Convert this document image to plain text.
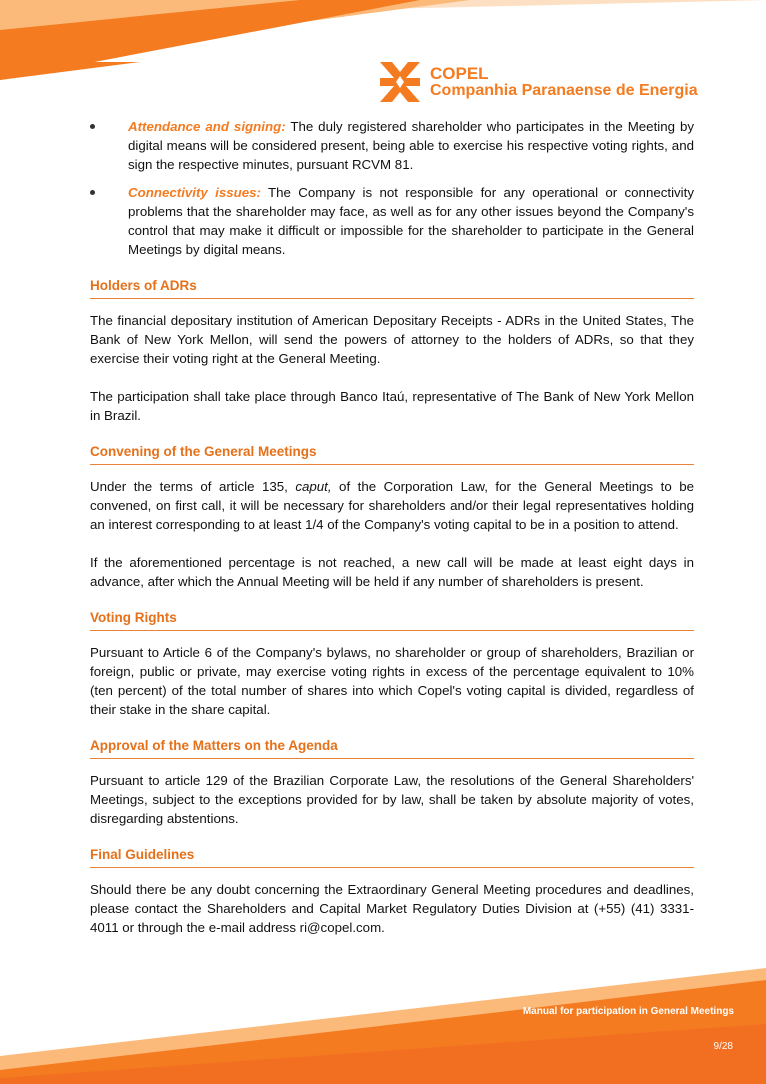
COPEL
Companhia Paranaense de Energia
Attendance and signing: The duly registered shareholder who participates in the Meeting by digital means will be considered present, being able to exercise his respective voting rights, and sign the respective minutes, pursuant RCVM 81.
Connectivity issues: The Company is not responsible for any operational or connectivity problems that the shareholder may face, as well as for any other issues beyond the Company's control that may make it difficult or impossible for the shareholder to participate in the General Meetings by digital means.
Holders of ADRs

The financial depositary institution of American Depositary Receipts - ADRs in the United States, The Bank of New York Mellon, will send the powers of attorney to the holders of ADRs, so that they exercise their voting right at the General Meeting.

The participation shall take place through Banco Itaú, representative of The Bank of New York Mellon in Brazil.

Convening of the General Meetings

Under the terms of article 135, caput, of the Corporation Law, for the General Meetings to be convened, on first call, it will be necessary for shareholders and/or their legal representatives holding an interest corresponding to at least 1/4 of the Company's voting capital to be in a position to attend.

If the aforementioned percentage is not reached, a new call will be made at least eight days in advance, after which the Annual Meeting will be held if any number of shareholders is present.

Voting Rights

Pursuant to Article 6 of the Company's bylaws, no shareholder or group of shareholders, Brazilian or foreign, public or private, may exercise voting rights in excess of the percentage equivalent to 10% (ten percent) of the total number of shares into which Copel's voting capital is divided, regardless of their stake in the share capital.

Approval of the Matters on the Agenda

Pursuant to article 129 of the Brazilian Corporate Law, the resolutions of the General Shareholders' Meetings, subject to the exceptions provided for by law, shall be taken by absolute majority of votes, disregarding abstentions.

Final Guidelines

Should there be any doubt concerning the Extraordinary General Meeting procedures and deadlines, please contact the Shareholders and Capital Market Regulatory Duties Division at (+55) (41) 3331- 4011 or through the e-mail address ri@copel.com.

Manual for participation in General Meetings
9/28
